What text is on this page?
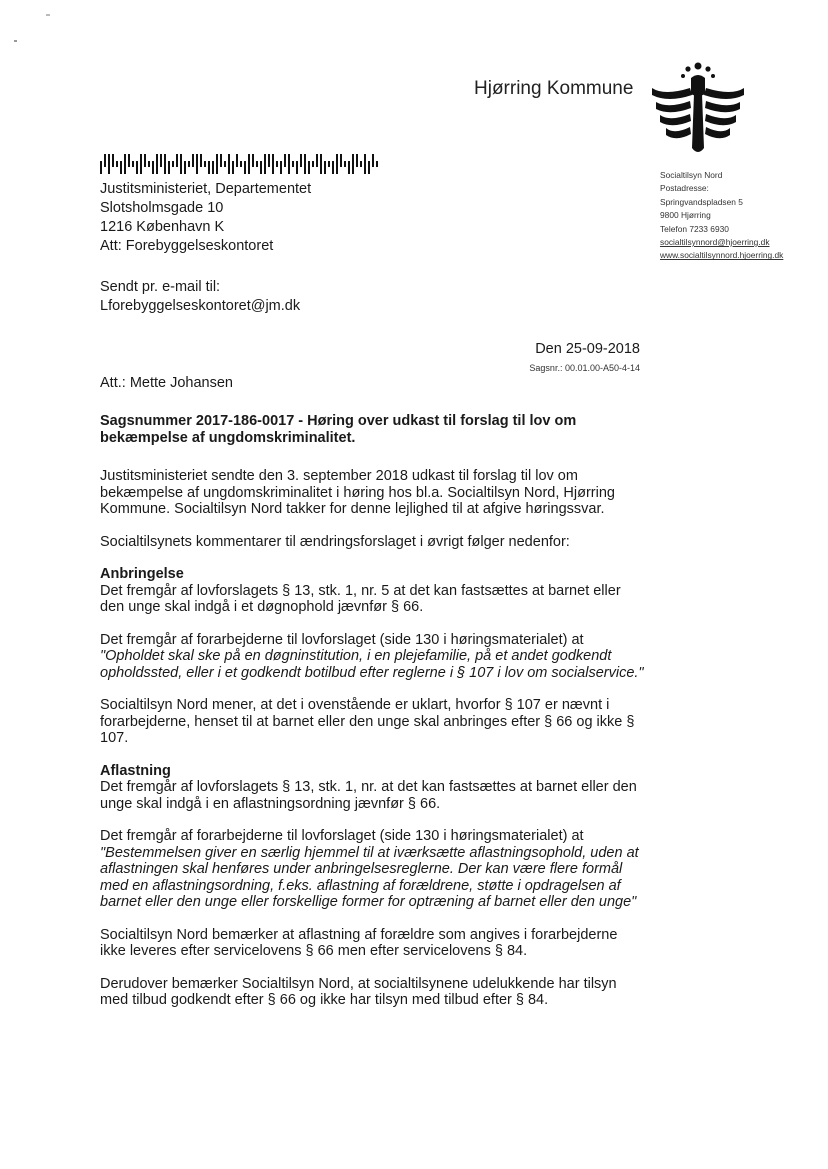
Hjørring Kommune
Justitsministeriet, Departementet
Slotsholmsgade 10
1216 København K
Att: Forebyggelseskontoret
Socialtilsyn Nord
Postadresse:
Springvandspladsen 5
9800 Hjørring
Telefon 7233 6930
socialtilsynnord@hjoerring.dk
www.socialtilsynnord.hjoerring.dk
Sendt pr. e-mail til:
Lforebyggelseskontoret@jm.dk
Den 25-09-2018
Sagsnr.: 00.01.00-A50-4-14
Att.: Mette Johansen

Sagsnummer 2017-186-0017 - Høring over udkast til forslag til lov om bekæmpelse af ungdomskriminalitet.

Justitsministeriet sendte den 3. september 2018 udkast til forslag til lov om bekæmpelse af ungdomskriminalitet i høring hos bl.a. Socialtilsyn Nord, Hjørring Kommune. Socialtilsyn Nord takker for denne lejlighed til at afgive høringssvar.

Socialtilsynets kommentarer til ændringsforslaget i øvrigt følger nedenfor:

Anbringelse

Det fremgår af lovforslagets § 13, stk. 1, nr. 5 at det kan fastsættes at barnet eller den unge skal indgå i et døgnophold jævnfør § 66.

Det fremgår af forarbejderne til lovforslaget (side 130 i høringsmaterialet) at "Opholdet skal ske på en døgninstitution, i en plejefamilie, på et andet godkendt opholdssted, eller i et godkendt botilbud efter reglerne i § 107 i lov om socialservice."

Socialtilsyn Nord mener, at det i ovenstående er uklart, hvorfor § 107 er nævnt i forarbejderne, henset til at barnet eller den unge skal anbringes efter § 66 og ikke § 107.

Aflastning

Det fremgår af lovforslagets § 13, stk. 1, nr. at det kan fastsættes at barnet eller den unge skal indgå i en aflastningsordning jævnfør § 66.

Det fremgår af forarbejderne til lovforslaget (side 130 i høringsmaterialet) at "Bestemmelsen giver en særlig hjemmel til at iværksætte aflastningsophold, uden at aflastningen skal henføres under anbringelsesreglerne. Der kan være flere formål med en aflastningsordning, f.eks. aflastning af forældrene, støtte i opdragelsen af barnet eller den unge eller forskellige former for optræning af barnet eller den unge"

Socialtilsyn Nord bemærker at aflastning af forældre som angives i forarbejderne ikke leveres efter servicelovens § 66 men efter servicelovens § 84.

Derudover bemærker Socialtilsyn Nord, at socialtilsynene udelukkende har tilsyn med tilbud godkendt efter § 66 og ikke har tilsyn med tilbud efter § 84.
